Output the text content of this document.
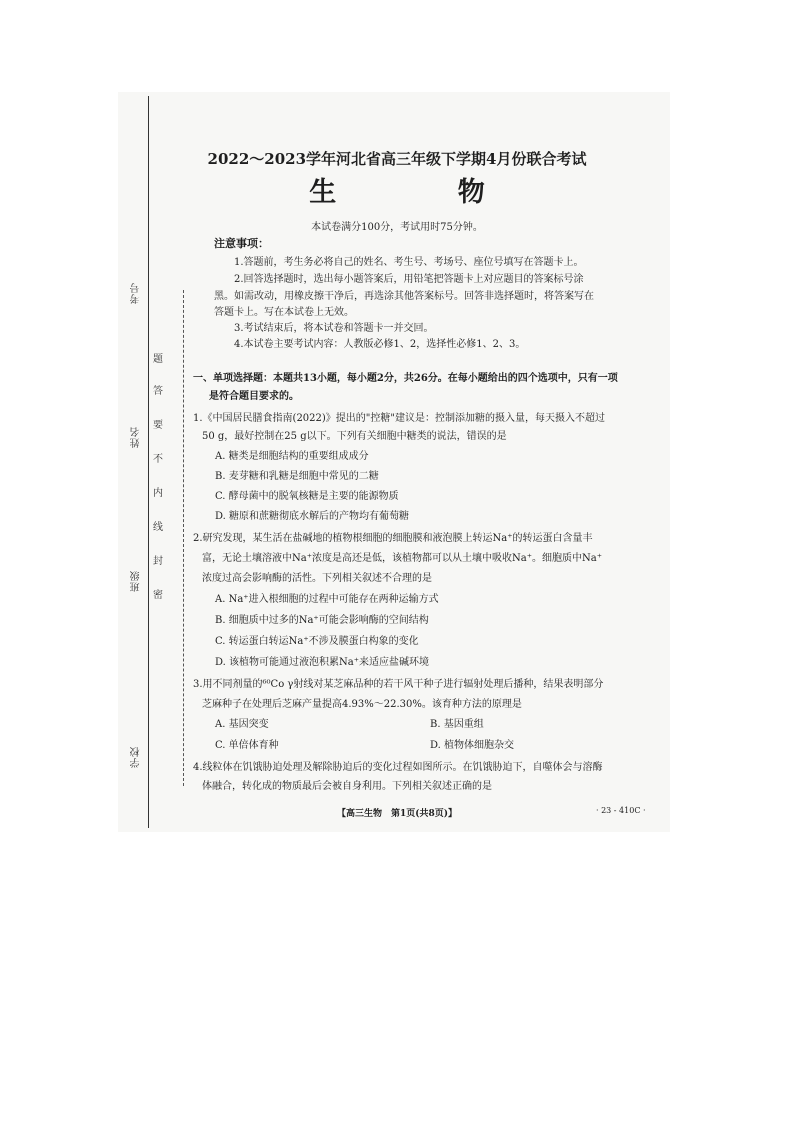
考号
姓名
班级
学校
题
答
要
不
内
线
封
密
2022～2023学年河北省高三年级下学期4月份联合考试
生 物
本试卷满分100分，考试用时75分钟。
注意事项：
1.答题前，考生务必将自己的姓名、考生号、考场号、座位号填写在答题卡上。
2.回答选择题时，选出每小题答案后，用铅笔把答题卡上对应题目的答案标号涂
黑。如需改动，用橡皮擦干净后，再选涂其他答案标号。回答非选择题时，将答案写在
答题卡上。写在本试卷上无效。
3.考试结束后，将本试卷和答题卡一并交回。
4.本试卷主要考试内容：人教版必修1、2，选择性必修1、2、3。
一、单项选择题：本题共13小题，每小题2分，共26分。在每小题给出的四个选项中，只有一项
是符合题目要求的。
1.《中国居民膳食指南(2022)》提出的"控糖"建议是：控制添加糖的摄入量，每天摄入不超过
50 g，最好控制在25 g以下。下列有关细胞中糖类的说法，错误的是
A. 糖类是细胞结构的重要组成成分
B. 麦芽糖和乳糖是细胞中常见的二糖
C. 酵母菌中的脱氧核糖是主要的能源物质
D. 糖原和蔗糖彻底水解后的产物均有葡萄糖
2.研究发现，某生活在盐碱地的植物根细胞的细胞膜和液泡膜上转运Na⁺的转运蛋白含量丰
富，无论土壤溶液中Na⁺浓度是高还是低，该植物都可以从土壤中吸收Na⁺。细胞质中Na⁺
浓度过高会影响酶的活性。下列相关叙述不合理的是
A. Na⁺进入根细胞的过程中可能存在两种运输方式
B. 细胞质中过多的Na⁺可能会影响酶的空间结构
C. 转运蛋白转运Na⁺不涉及膜蛋白构象的变化
D. 该植物可能通过液泡积累Na⁺来适应盐碱环境
3.用不同剂量的⁶⁰Co γ射线对某芝麻品种的若干风干种子进行辐射处理后播种，结果表明部分
芝麻种子在处理后芝麻产量提高4.93%～22.30%。该育种方法的原理是
A. 基因突变	B. 基因重组
C. 单倍体育种	D. 植物体细胞杂交
4.线粒体在饥饿胁迫处理及解除胁迫后的变化过程如图所示。在饥饿胁迫下，自噬体会与溶酶
体融合，转化成的物质最后会被自身利用。下列相关叙述正确的是
【高三生物　第1页(共8页)】	· 23 - 410C ·
